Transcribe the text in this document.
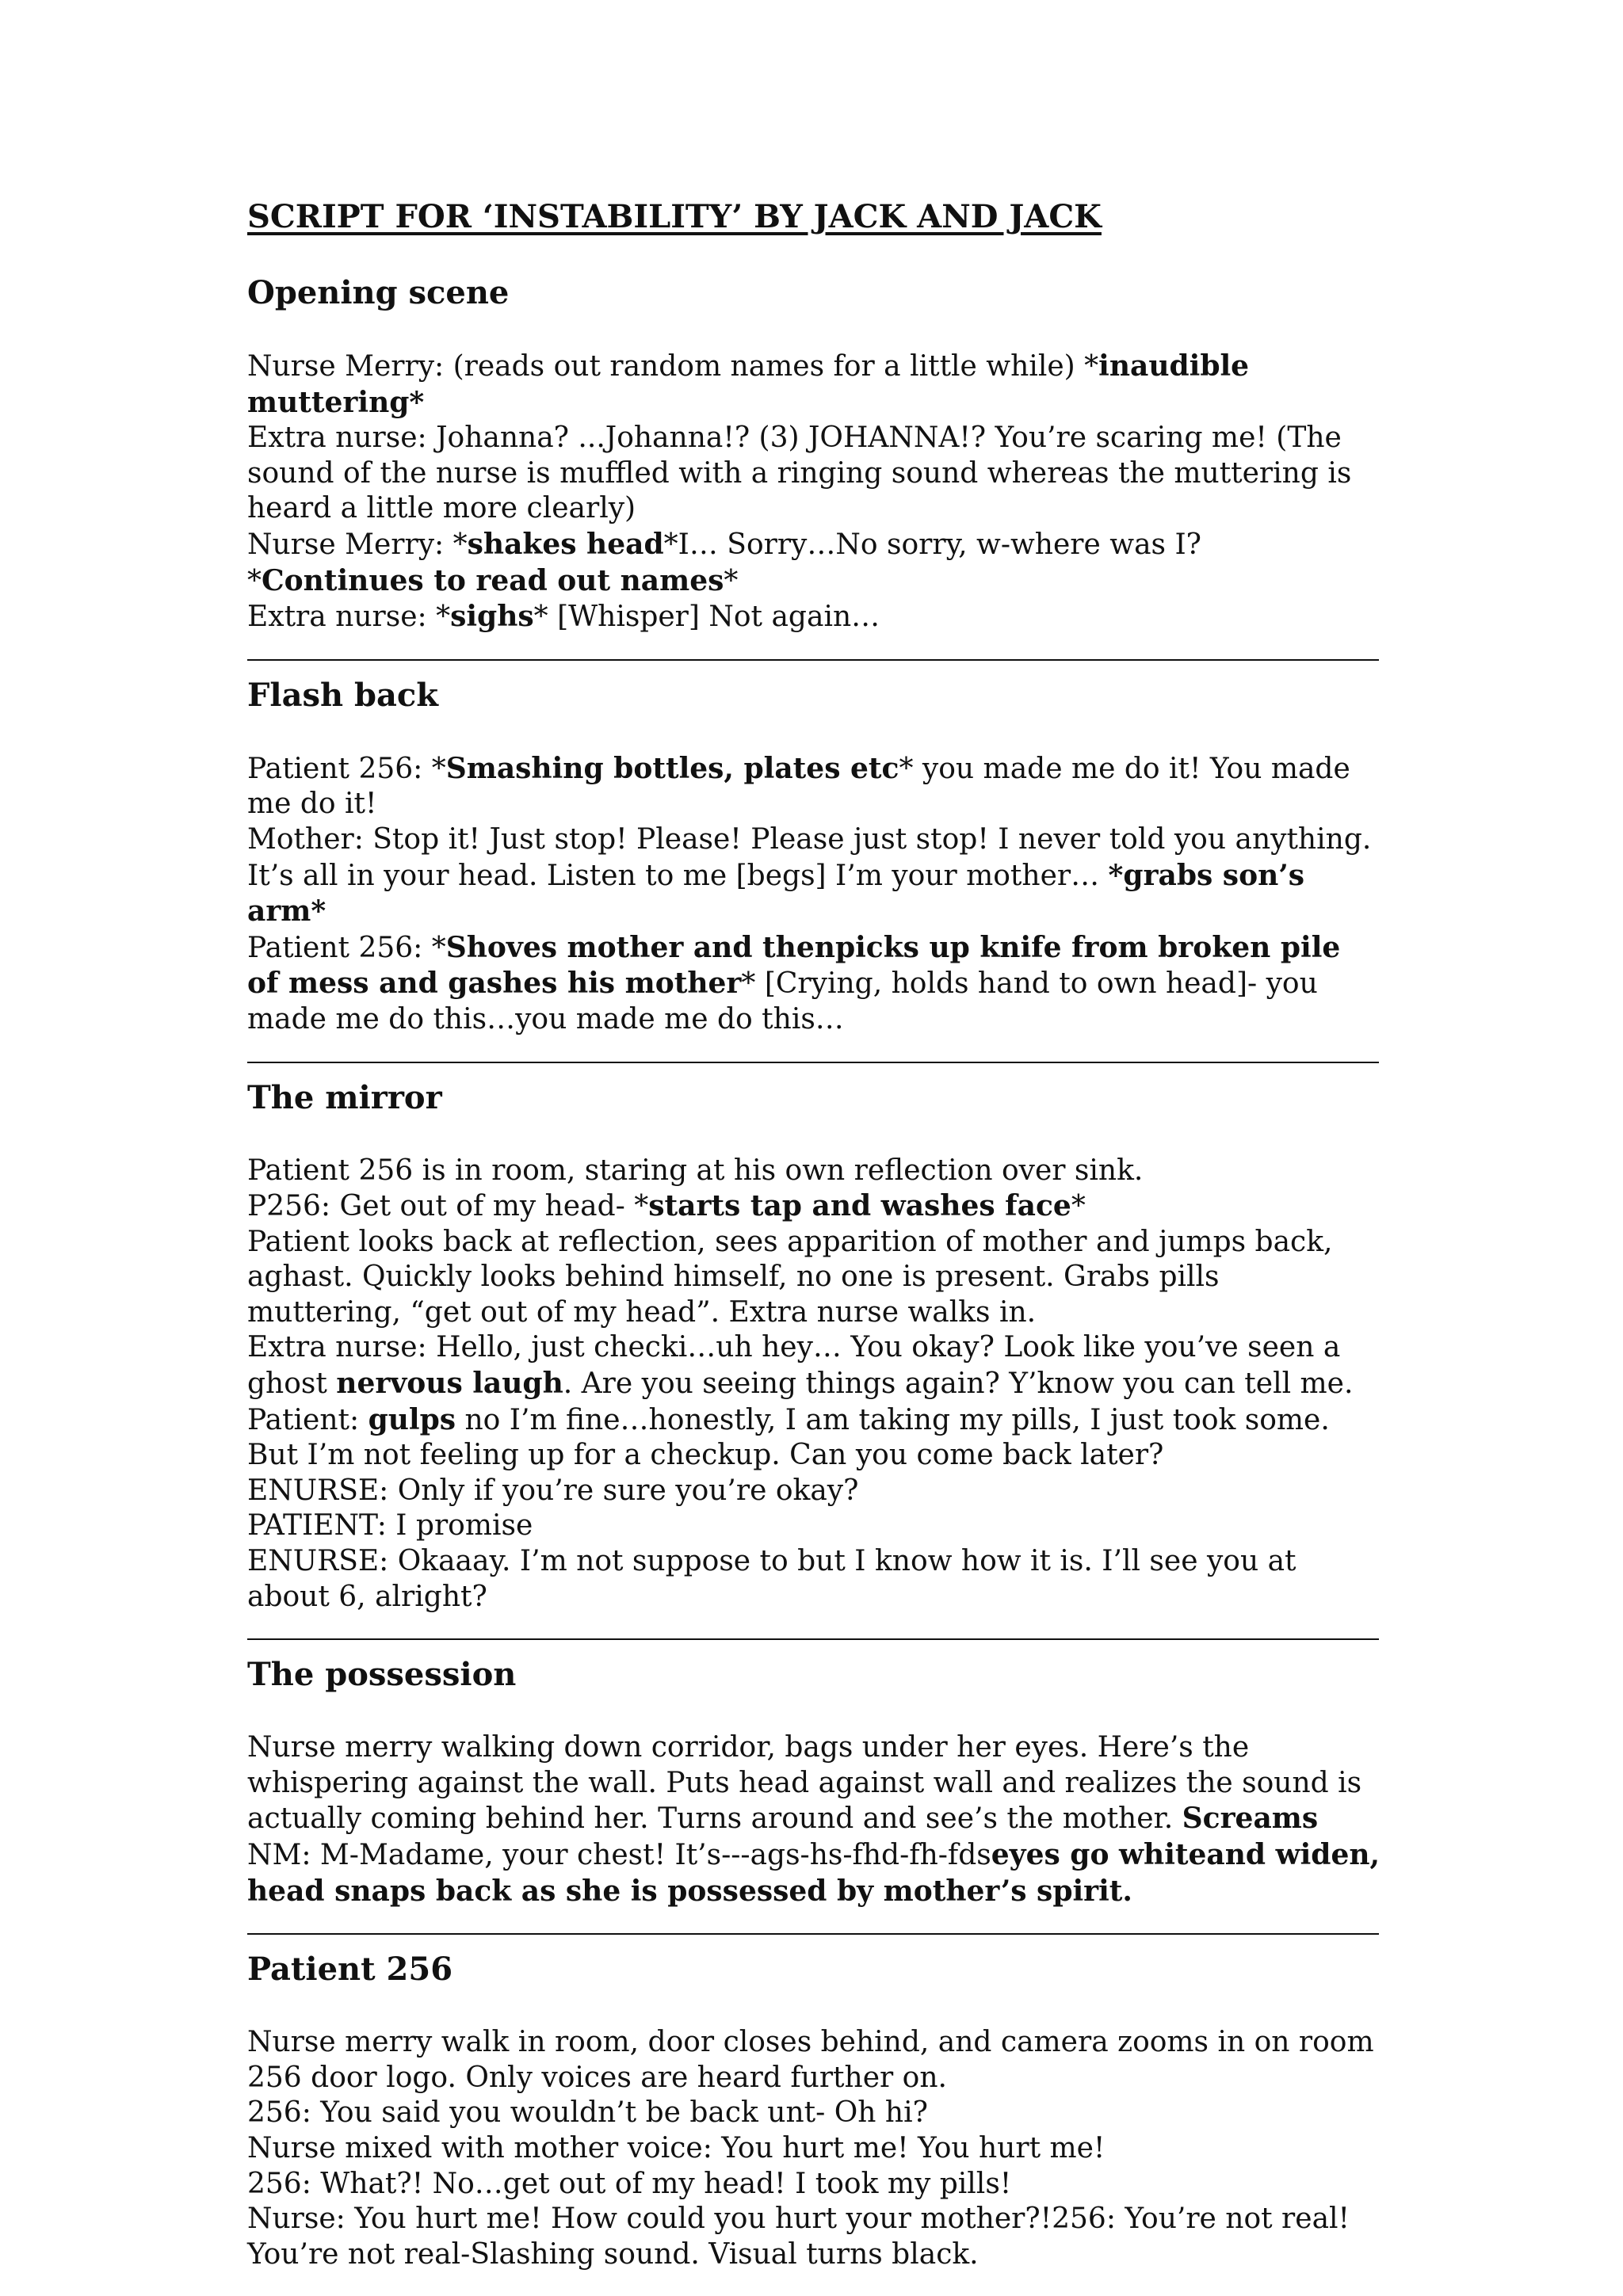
SCRIPT FOR ‘INSTABILITY’ BY JACK AND JACK
Opening scene
Nurse Merry: (reads out random names for a little while) *inaudible muttering*
Extra nurse: Johanna? ...Johanna!? (3) JOHANNA!? You’re scaring me! (The sound of the nurse is muffled with a ringing sound whereas the muttering is heard a little more clearly)
Nurse Merry: *shakes head*I… Sorry…No sorry, w-where was I? *Continues to read out names*
Extra nurse: *sighs* [Whisper] Not again…
Flash back
Patient 256: *Smashing bottles, plates etc* you made me do it! You made me do it!
Mother: Stop it! Just stop! Please! Please just stop! I never told you anything. It’s all in your head. Listen to me [begs] I’m your mother… *grabs son’s arm*
Patient 256: *Shoves mother and thenpicks up knife from broken pile of mess and gashes his mother* [Crying, holds hand to own head]- you made me do this…you made me do this…
The mirror
Patient 256 is in room, staring at his own reflection over sink.
P256: Get out of my head- *starts tap and washes face*
Patient looks back at reflection, sees apparition of mother and jumps back, aghast. Quickly looks behind himself, no one is present. Grabs pills muttering, “get out of my head”. Extra nurse walks in.
Extra nurse: Hello, just checki…uh hey… You okay? Look like you’ve seen a ghost nervous laugh. Are you seeing things again? Y’know you can tell me.
Patient: gulps no I’m fine…honestly, I am taking my pills, I just took some. But I’m not feeling up for a checkup. Can you come back later?
ENURSE: Only if you’re sure you’re okay?
PATIENT: I promise
ENURSE: Okaaay. I’m not suppose to but I know how it is. I’ll see you at about 6, alright?
The possession
Nurse merry walking down corridor, bags under her eyes. Here’s the whispering against the wall. Puts head against wall and realizes the sound is actually coming behind her. Turns around and see’s the mother. Screams
NM: M-Madame, your chest! It’s---ags-hs-fhd-fh-fdseyes go whiteand widen, head snaps back as she is possessed by mother’s spirit.
Patient 256
Nurse merry walk in room, door closes behind, and camera zooms in on room 256 door logo. Only voices are heard further on.
256: You said you wouldn’t be back unt- Oh hi?
Nurse mixed with mother voice: You hurt me! You hurt me!
256: What?! No…get out of my head! I took my pills!
Nurse: You hurt me! How could you hurt your mother?!256: You’re not real! You’re not real-Slashing sound. Visual turns black.
